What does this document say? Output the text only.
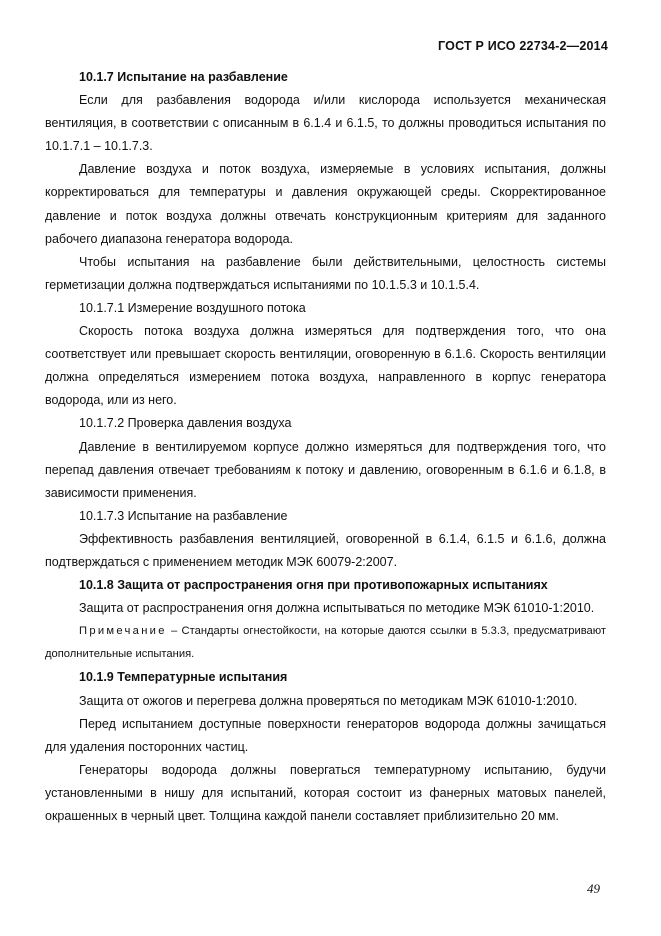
ГОСТ Р ИСО 22734-2—2014

10.1.7 Испытание на разбавление

Если для разбавления водорода и/или кислорода используется механическая вентиляция, в соответствии с описанным в 6.1.4 и 6.1.5, то должны проводиться испытания по 10.1.7.1 – 10.1.7.3.

Давление воздуха и поток воздуха, измеряемые в условиях испытания, должны корректироваться для температуры и давления окружающей среды. Скорректированное давление и поток воздуха должны отвечать конструкционным критериям для заданного рабочего диапазона генератора водорода.

Чтобы испытания на разбавление были действительными, целостность системы герметизации должна подтверждаться испытаниями по 10.1.5.3 и 10.1.5.4.

10.1.7.1 Измерение воздушного потока

Скорость потока воздуха должна измеряться для подтверждения того, что она соответствует или превышает скорость вентиляции, оговоренную в 6.1.6. Скорость вентиляции должна определяться измерением потока воздуха, направленного в корпус генератора водорода, или из него.

10.1.7.2 Проверка давления воздуха

Давление в вентилируемом корпусе должно измеряться для подтверждения того, что перепад давления отвечает требованиям к потоку и давлению, оговоренным в 6.1.6 и 6.1.8, в зависимости применения.

10.1.7.3 Испытание на разбавление

Эффективность разбавления вентиляцией, оговоренной в 6.1.4, 6.1.5 и 6.1.6, должна подтверждаться с применением методик МЭК 60079-2:2007.

10.1.8 Защита от распространения огня при противопожарных испытаниях

Защита от распространения огня должна испытываться по методике МЭК 61010-1:2010.

Примечание – Стандарты огнестойкости, на которые даются ссылки в 5.3.3, предусматривают дополнительные испытания.

10.1.9 Температурные испытания

Защита от ожогов и перегрева должна проверяться по методикам МЭК 61010-1:2010.

Перед испытанием доступные поверхности генераторов водорода должны зачищаться для удаления посторонних частиц.

Генераторы водорода должны повергаться температурному испытанию, будучи установленными в нишу для испытаний, которая состоит из фанерных матовых панелей, окрашенных в черный цвет. Толщина каждой панели составляет приблизительно 20 мм.

49
